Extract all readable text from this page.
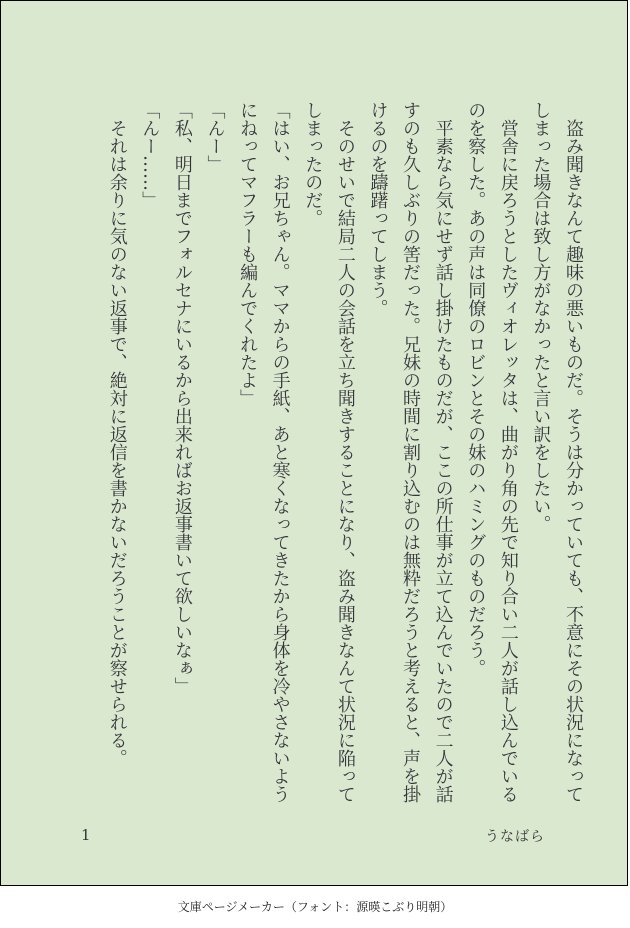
　盗み聞きなんて趣味の悪いものだ。そうは分かっていても、不意にその状況になってしまった場合は致し方がなかったと言い訳をしたい。

　営舎に戻ろうとしたヴィオレッタは、曲がり角の先で知り合い二人が話し込んでいるのを察した。あの声は同僚のロビンとその妹のハミングのものだろう。

　平素なら気にせず話し掛けたものだが、ここの所仕事が立て込んでいたので二人が話すのも久しぶりの筈だった。兄妹の時間に割り込むのは無粋だろうと考えると、声を掛けるのを躊躇ってしまう。

　そのせいで結局二人の会話を立ち聞きすることになり、盗み聞きなんて状況に陥ってしまったのだ。

「はい、お兄ちゃん。ママからの手紙、あと寒くなってきたから身体を冷やさないようにねってマフラーも編んでくれたよ」

「んー」

「私、明日までフォルセナにいるから出来ればお返事書いて欲しいなぁ」

「んー……」

　それは余りに気のない返事で、絶対に返信を書かないだろうことが察せられる。

1	うなばら
文庫ページメーカー（フォント：源暎こぶり明朝）
